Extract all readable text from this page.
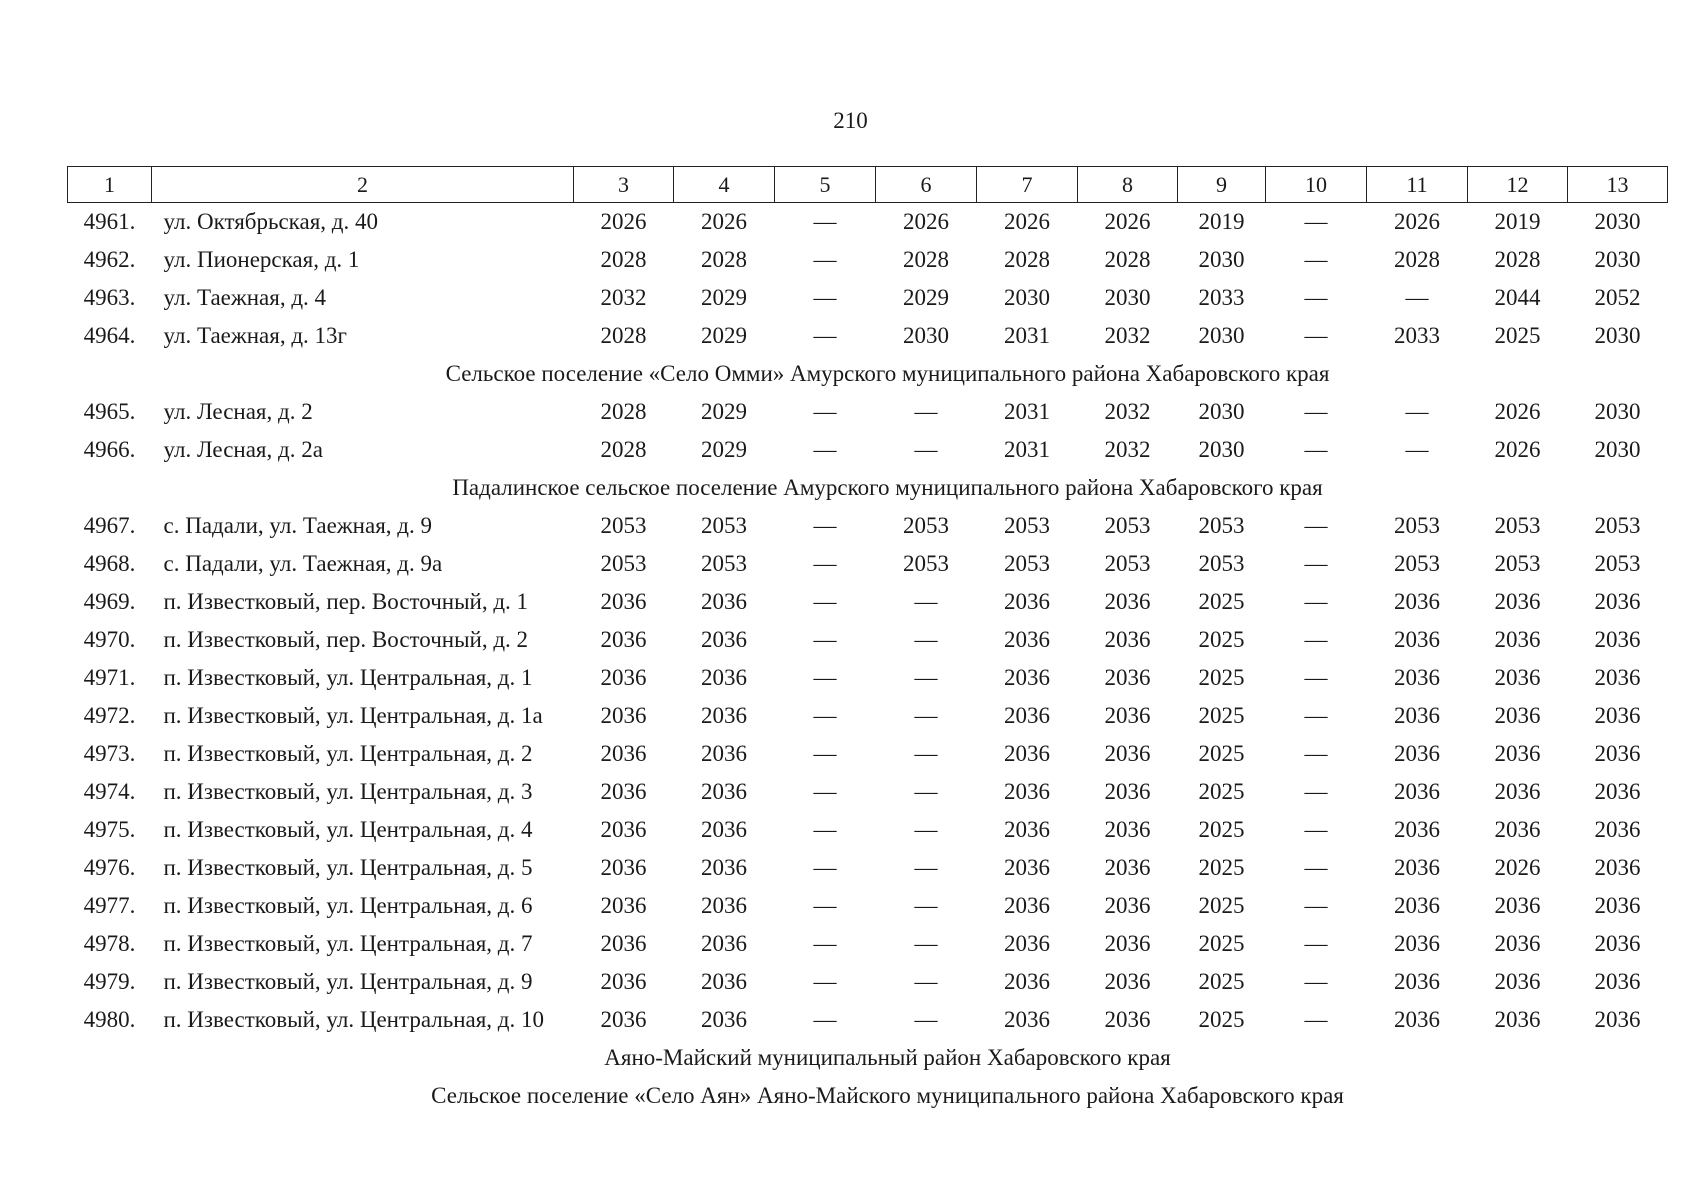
210
1	2	3	4	5	6	7	8	9	10	11	12	13
4961.	ул. Октябрьская, д. 40	2026	2026	—	2026	2026	2026	2019	—	2026	2019	2030
4962.	ул. Пионерская, д. 1	2028	2028	—	2028	2028	2028	2030	—	2028	2028	2030
4963.	ул. Таежная, д. 4	2032	2029	—	2029	2030	2030	2033	—	—	2044	2052
4964.	ул. Таежная, д. 13г	2028	2029	—	2030	2031	2032	2030	—	2033	2025	2030
Сельское поселение «Село Омми» Амурского муниципального района Хабаровского края												
4965.	ул. Лесная, д. 2	2028	2029	—	—	2031	2032	2030	—	—	2026	2030
4966.	ул. Лесная, д. 2а	2028	2029	—	—	2031	2032	2030	—	—	2026	2030
Падалинское сельское поселение Амурского муниципального района Хабаровского края												
4967.	с. Падали, ул. Таежная, д. 9	2053	2053	—	2053	2053	2053	2053	—	2053	2053	2053
4968.	с. Падали, ул. Таежная, д. 9а	2053	2053	—	2053	2053	2053	2053	—	2053	2053	2053
4969.	п. Известковый, пер. Восточный, д. 1	2036	2036	—	—	2036	2036	2025	—	2036	2036	2036
4970.	п. Известковый, пер. Восточный, д. 2	2036	2036	—	—	2036	2036	2025	—	2036	2036	2036
4971.	п. Известковый, ул. Центральная, д. 1	2036	2036	—	—	2036	2036	2025	—	2036	2036	2036
4972.	п. Известковый, ул. Центральная, д. 1а	2036	2036	—	—	2036	2036	2025	—	2036	2036	2036
4973.	п. Известковый, ул. Центральная, д. 2	2036	2036	—	—	2036	2036	2025	—	2036	2036	2036
4974.	п. Известковый, ул. Центральная, д. 3	2036	2036	—	—	2036	2036	2025	—	2036	2036	2036
4975.	п. Известковый, ул. Центральная, д. 4	2036	2036	—	—	2036	2036	2025	—	2036	2036	2036
4976.	п. Известковый, ул. Центральная, д. 5	2036	2036	—	—	2036	2036	2025	—	2036	2026	2036
4977.	п. Известковый, ул. Центральная, д. 6	2036	2036	—	—	2036	2036	2025	—	2036	2036	2036
4978.	п. Известковый, ул. Центральная, д. 7	2036	2036	—	—	2036	2036	2025	—	2036	2036	2036
4979.	п. Известковый, ул. Центральная, д. 9	2036	2036	—	—	2036	2036	2025	—	2036	2036	2036
4980.	п. Известковый, ул. Центральная, д. 10	2036	2036	—	—	2036	2036	2025	—	2036	2036	2036
Аяно-Майский муниципальный район Хабаровского края												
Сельское поселение «Село Аян» Аяно-Майского муниципального района Хабаровского края												
